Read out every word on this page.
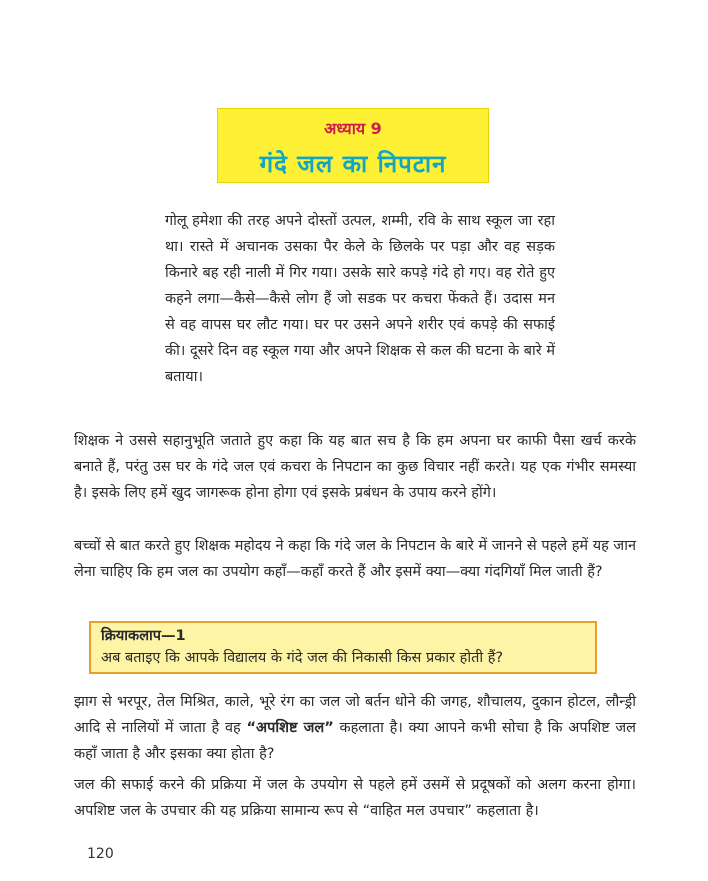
अध्याय 9
गंदे जल का निपटान

गोलू हमेशा की तरह अपने दोस्तों उत्पल, शम्मी, रवि के साथ स्कूल जा रहा था। रास्ते में अचानक उसका पैर केले के छिलके पर पड़ा और वह सड़क किनारे बह रही नाली में गिर गया। उसके सारे कपड़े गंदे हो गए। वह रोते हुए कहने लगा—कैसे—कैसे लोग हैं जो सडक पर कचरा फेंकते हैं। उदास मन से वह वापस घर लौट गया। घर पर उसने अपने शरीर एवं कपड़े की सफाई की। दूसरे दिन वह स्कूल गया और अपने शिक्षक से कल की घटना के बारे में बताया।

शिक्षक ने उससे सहानुभूति जताते हुए कहा कि यह बात सच है कि हम अपना घर काफी पैसा खर्च करके बनाते हैं, परंतु उस घर के गंदे जल एवं कचरा के निपटान का कुछ विचार नहीं करते। यह एक गंभीर समस्या है। इसके लिए हमें खुद जागरूक होना होगा एवं इसके प्रबंधन के उपाय करने होंगे।

बच्चों से बात करते हुए शिक्षक महोदय ने कहा कि गंदे जल के निपटान के बारे में जानने से पहले हमें यह जान लेना चाहिए कि हम जल का उपयोग कहाँ—कहाँ करते हैं और इसमें क्या—क्या गंदगियाँ मिल जाती हैं?

क्रियाकलाप—1
अब बताइए कि आपके विद्यालय के गंदे जल की निकासी किस प्रकार होती हैं?

झाग से भरपूर, तेल मिश्रित, काले, भूरे रंग का जल जो बर्तन धोने की जगह, शौचालय, दुकान होटल, लौन्ड्री आदि से नालियों में जाता है वह “अपशिष्ट जल” कहलाता है। क्या आपने कभी सोचा है कि अपशिष्ट जल कहाँ जाता है और इसका क्या होता है?

जल की सफाई करने की प्रक्रिया में जल के उपयोग से पहले हमें उसमें से प्रदूषकों को अलग करना होगा। अपशिष्ट जल के उपचार की यह प्रक्रिया सामान्य रूप से “वाहित मल उपचार” कहलाता है।

120
